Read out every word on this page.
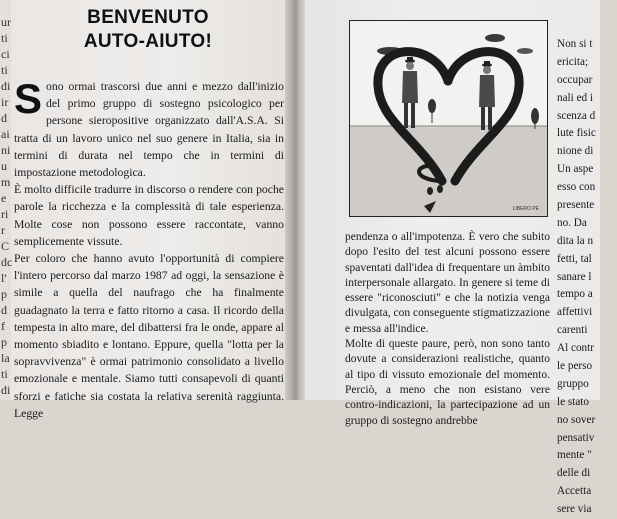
ur
ti
ci
ti
di
ir
d
ai
ni
u
m
e
ri
r
C
dc
l'
p
d
f
p
la
ti
di
BENVENUTO
AUTO-AIUTO!

Sono ormai trascorsi due anni e mezzo dall'inizio del primo gruppo di sostegno psicologico per persone sieropositive organizzato dall'A.S.A. Si tratta di un lavoro unico nel suo genere in Italia, sia in termini di durata nel tempo che in termini di impostazione metodologica.

È molto difficile tradurre in discorso o rendere con poche parole la ricchezza e la complessità di tale esperienza. Molte cose non possono essere raccontate, vanno semplicemente vissute.

Per coloro che hanno avuto l'opportunità di compiere l'intero percorso dal marzo 1987 ad oggi, la sensazione è simile a quella del naufrago che ha finalmente guadagnato la terra e fatto ritorno a casa. Il ricordo della tempesta in alto mare, del dibattersi fra le onde, appare al momento sbiadito e lontano. Eppure, quella "lotta per la sopravvivenza" è ormai patrimonio consolidato a livello emozionale e mentale. Siamo tutti consapevoli di quanti sforzi e fatiche sia costata la relativa serenità raggiunta. Legge

LIBERO PE

pendenza o all'impotenza. È vero che subito dopo l'esito del test alcuni possono essere spaventati dall'idea di frequentare un àmbito interpersonale allargato. In genere si teme di essere "riconosciuti" e che la notizia venga divulgata, con conseguente stigmatizzazione e messa all'indice.

Molte di queste paure, però, non sono tanto dovute a considerazioni realistiche, quanto al tipo di vissuto emozionale del momento. Perciò, a meno che non esistano vere contro-indicazioni, la partecipazione ad un gruppo di sostegno andrebbe

Non si t
ericita;
occupar
nali ed i
scenza d
lute fisic
nione di
Un aspe
esso con
presente
no. Da
dita la n
fetti, tal
sanare l
tempo a
affettivi
carenti
Al contr
le perso
gruppo
le stato
no sover
pensativ
mente "
delle di
Accetta
sere via
